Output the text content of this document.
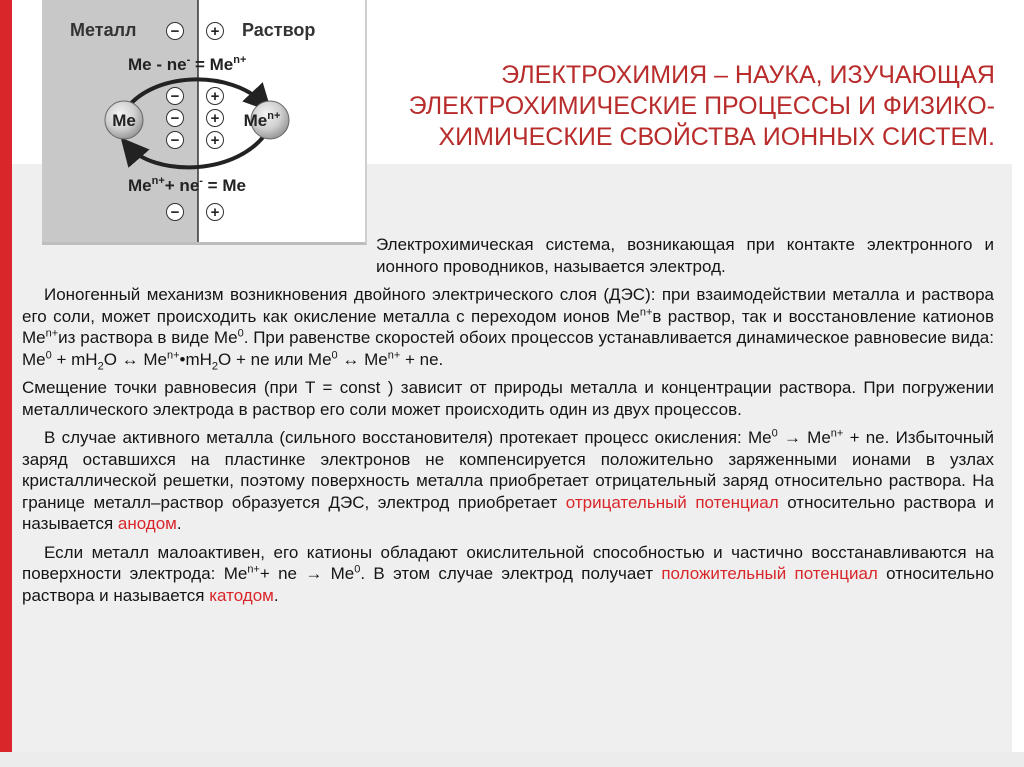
ЭЛЕКТРОХИМИЯ – НАУКА, ИЗУЧАЮЩАЯ ЭЛЕКТРОХИМИЧЕСКИЕ ПРОЦЕССЫ И ФИЗИКО-ХИМИЧЕСКИЕ СВОЙСТВА ИОННЫХ СИСТЕМ.
Металл	Раствор
−
−
−
−
−
+
+
+
+
+
$Me - ne^- = Me^{n+}$
Me	$Me^{n+}$
$Me^{n+}+ ne^- = Me$

Электрохимическая система, возникающая при контакте электронного и ионного проводников, называется электрод.

Ионогенный механизм возникновения двойного электрического слоя (ДЭС): при взаимодействии металла и раствора его соли, может происходить как окисление металла с переходом ионов $Me^{n+}в$ раствор, так и восстановление катионов $Me^{n+}из$ раствора в виде Me$^0$. При равенстве скоростей обоих процессов устанавливается динамическое равновесие вида: $Me^0 + mH_2O$ ↔ $Me^{n+}•mH_2O$ + ne или Me$^0$ ↔ $Me^{n+}$ + ne.

Смещение точки равновесия (при T = const ) зависит от природы металла и концентрации раствора. При погружении металлического электрода в раствор его соли может происходить один из двух процессов.

В случае активного металла (сильного восстановителя) протекает процесс окисления: $Me^0 \to Me^{n+}$ + ne. Избыточный заряд оставшихся на пластинке электронов не компенсируется положительно заряженными ионами в узлах кристаллической решетки, поэтому поверхность металла приобретает отрицательный заряд относительно раствора. На границе металл–раствор образуется ДЭС, электрод приобретает отрицательный потенциал относительно раствора и называется анодом.

Если металл малоактивен, его катионы обладают окислительной способностью и частично восстанавливаются на поверхности электрода: $Me^{n+}+$ ne → $Me^0$. В этом случае электрод получает положительный потенциал относительно раствора и называется катодом.
